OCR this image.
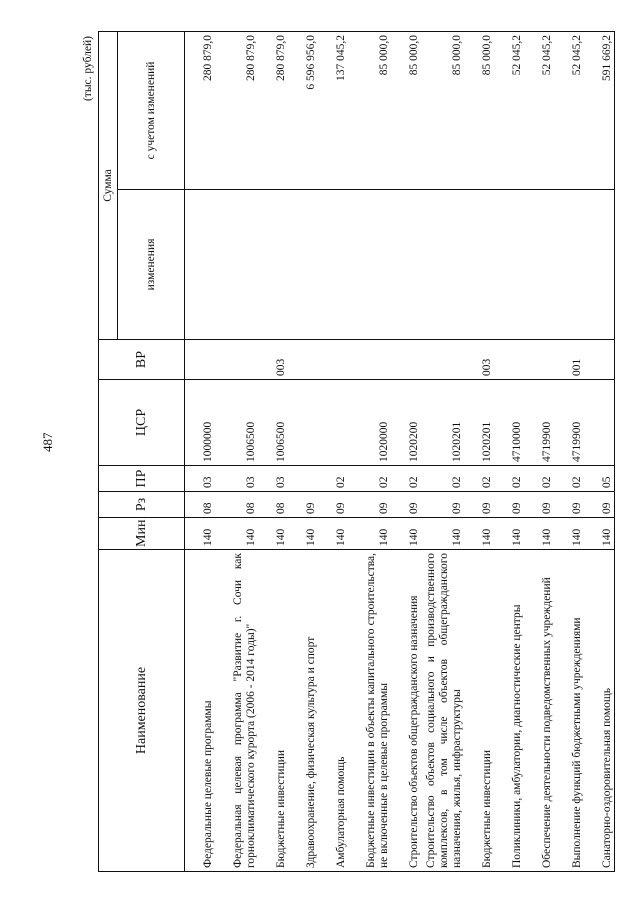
487
(тыс. рублей)
Наименование	Мин	Рз	ПР	ЦСР	ВР	Сумма	
						изменения	с учетом изменений
Федеральные целевые программы	140	08	03	1000000			280 879,0
Федеральная целевая программа "Развитие г. Сочи как горноклиматического курорта (2006 - 2014 годы)"	140	08	03	1006500			280 879,0
Бюджетные инвестиции	140	08	03	1006500	003		280 879,0
Здравоохранение, физическая культура и спорт	140	09					6 596 956,0
Амбулаторная помощь	140	09	02				137 045,2
Бюджетные инвестиции в объекты капитального строительства, не включенные в целевые программы	140	09	02	1020000			85 000,0
Строительство объектов общегражданского назначения	140	09	02	1020200			85 000,0
Строительство объектов социального и производственного комплексов, в том числе объектов общегражданского назначения, жилья, инфраструктуры	140	09	02	1020201			85 000,0
Бюджетные инвестиции	140	09	02	1020201	003		85 000,0
Поликлиники, амбулатории, диагностические центры	140	09	02	4710000			52 045,2
Обеспечение деятельности подведомственных учреждений	140	09	02	4719900			52 045,2
Выполнение функций бюджетными учреждениями	140	09	02	4719900	001		52 045,2
Санаторно-оздоровительная помощь	140	09	05				591 669,2
